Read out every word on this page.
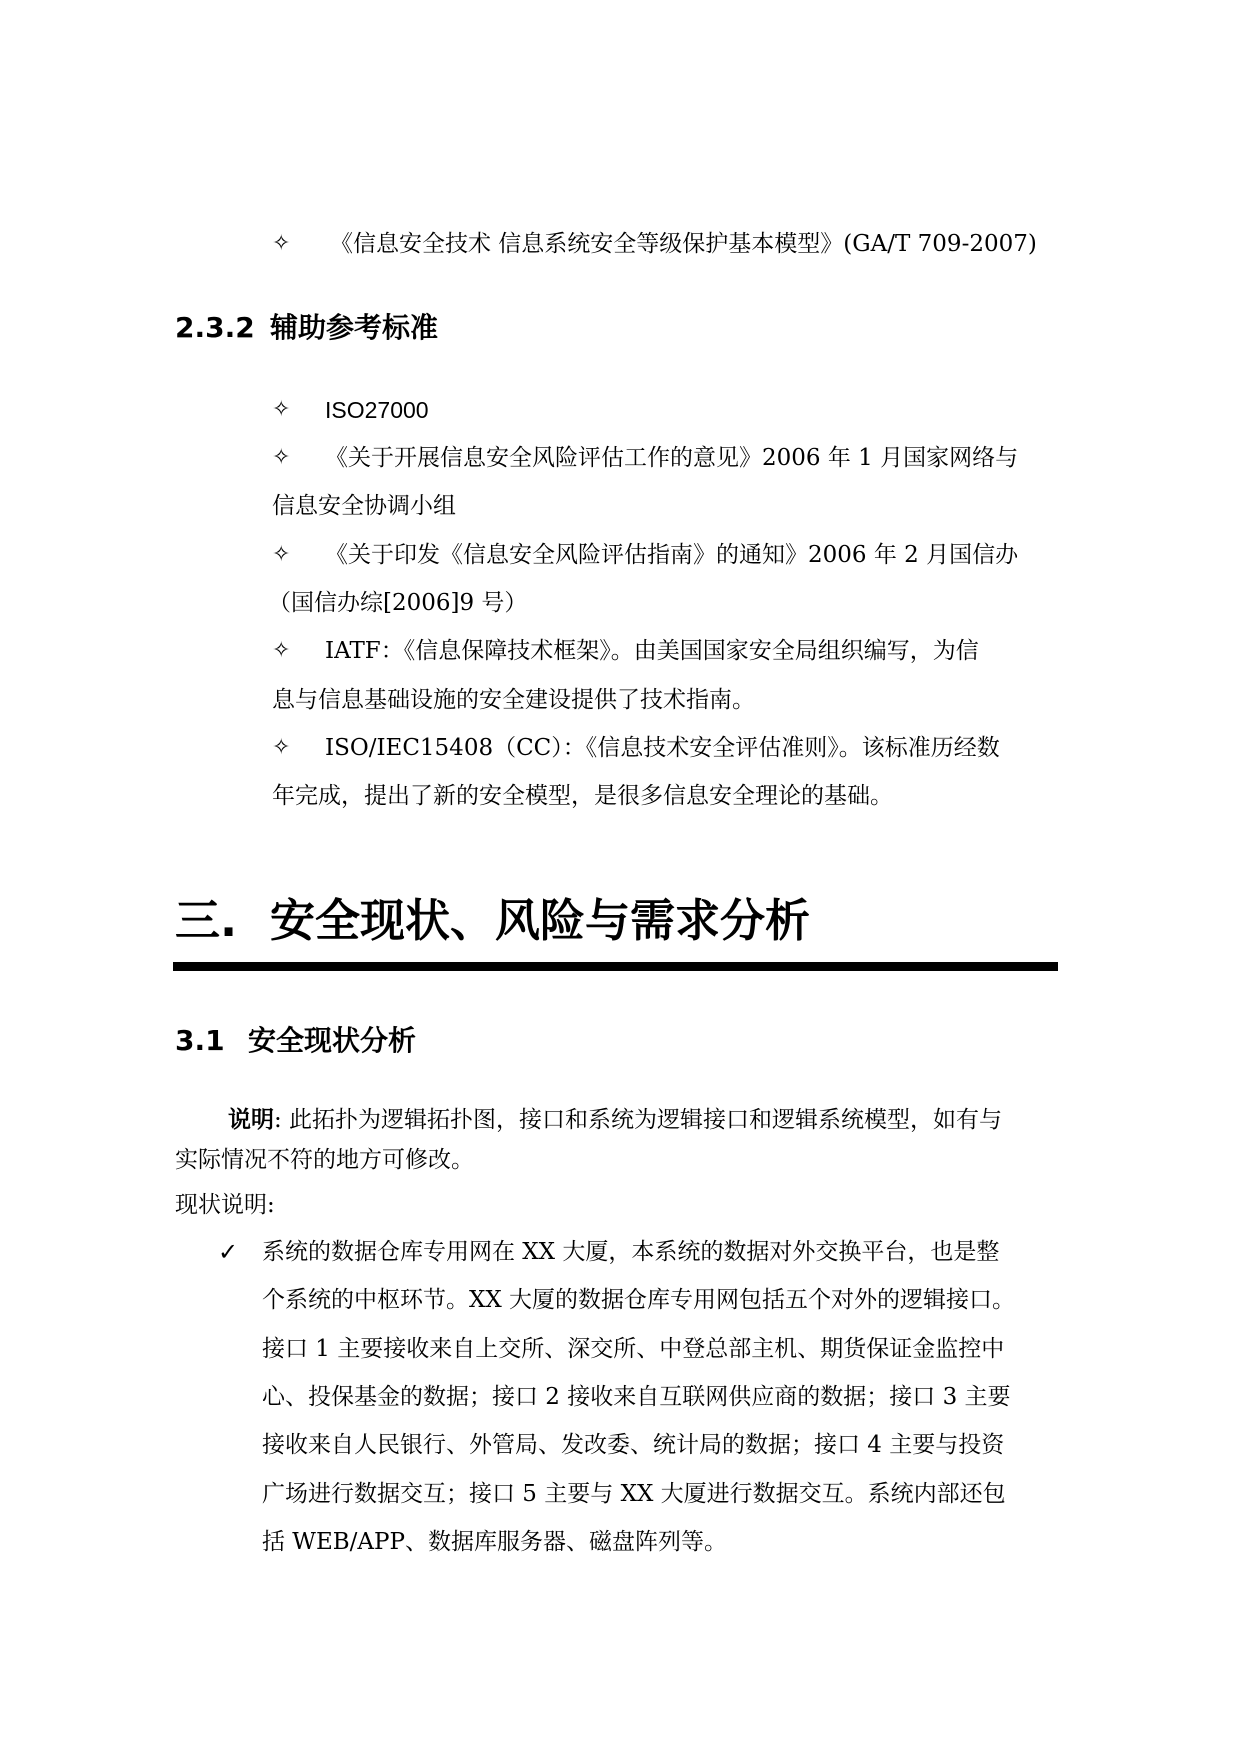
✧ 《信息安全技术 信息系统安全等级保护基本模型》(GA/T 709-2007)
2.3.2 辅助参考标准
✧ ISO27000
✧ 《关于开展信息安全风险评估工作的意见》2006 年 1 月国家网络与
信息安全协调小组
✧ 《关于印发《信息安全风险评估指南》的通知》2006 年 2 月国信办
（国信办综[2006]9 号）
✧ IATF：《信息保障技术框架》。由美国国家安全局组织编写，为信
息与信息基础设施的安全建设提供了技术指南。
✧ ISO/IEC15408（CC）：《信息技术安全评估准则》。该标准历经数
年完成，提出了新的安全模型，是很多信息安全理论的基础。
三. 安全现状、风险与需求分析
3.1 安全现状分析
说明: 此拓扑为逻辑拓扑图，接口和系统为逻辑接口和逻辑系统模型，如有与
实际情况不符的地方可修改。
现状说明:
✓ 系统的数据仓库专用网在 XX 大厦，本系统的数据对外交换平台，也是整
个系统的中枢环节。XX 大厦的数据仓库专用网包括五个对外的逻辑接口。
接口 1 主要接收来自上交所、深交所、中登总部主机、期货保证金监控中
心、投保基金的数据；接口 2 接收来自互联网供应商的数据；接口 3 主要
接收来自人民银行、外管局、发改委、统计局的数据；接口 4 主要与投资
广场进行数据交互；接口 5 主要与 XX 大厦进行数据交互。系统内部还包
括 WEB/APP、数据库服务器、磁盘阵列等。
